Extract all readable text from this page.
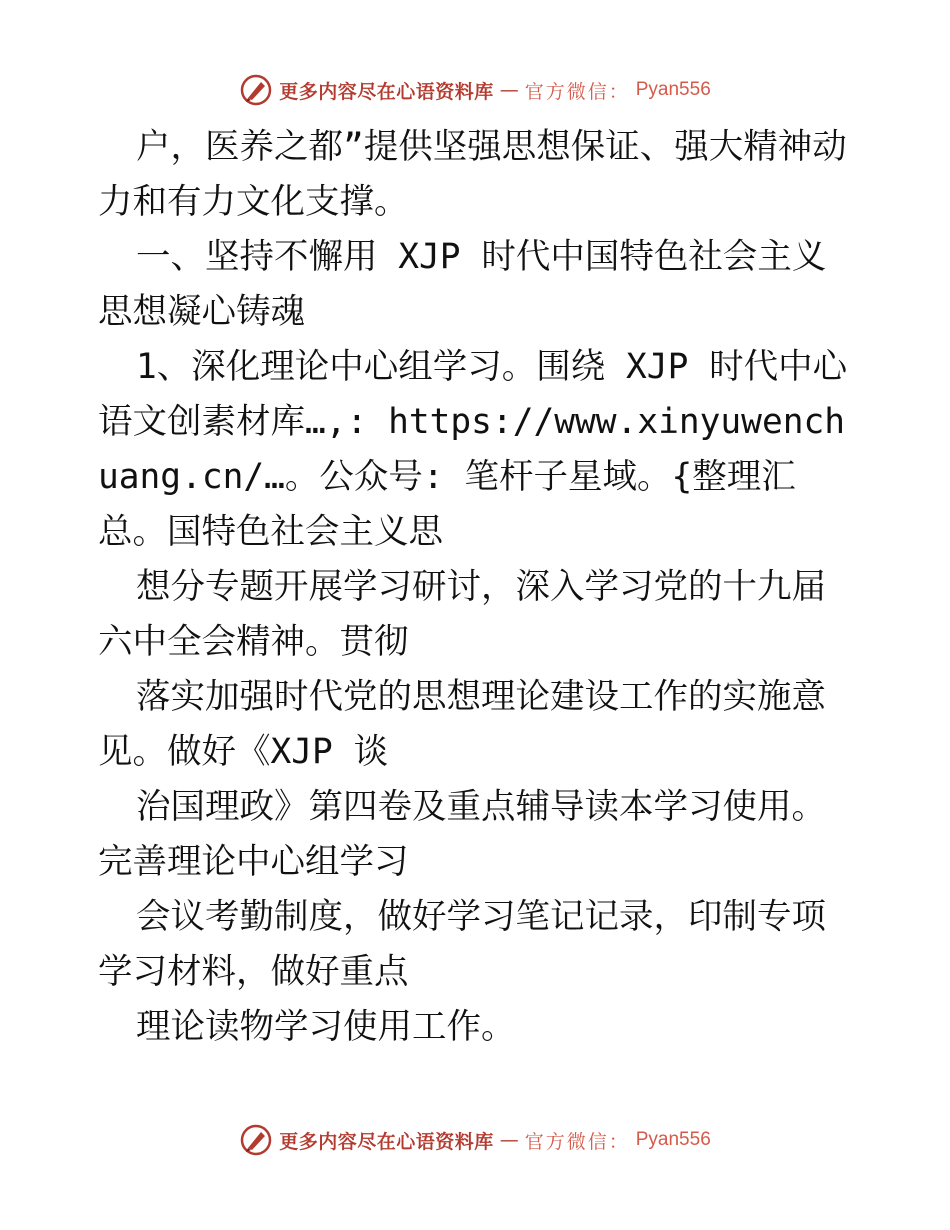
更多内容尽在心语资料库 — 官方微信： Pyan556

户，医养之都”提供坚强思想保证、强大精神动力和有力文化支撑。

一、坚持不懈用 XJP 时代中国特色社会主义思想凝心铸魂

1、深化理论中心组学习。围绕 XJP 时代中心语文创素材库…,: https://www.xinyuwenchuang.cn/…。公众号: 笔杆子星域。{整理汇总。国特色社会主义思

想分专题开展学习研讨，深入学习党的十九届六中全会精神。贯彻

落实加强时代党的思想理论建设工作的实施意见。做好《XJP 谈

治国理政》第四卷及重点辅导读本学习使用。完善理论中心组学习

会议考勤制度，做好学习笔记记录，印制专项学习材料，做好重点

理论读物学习使用工作。

更多内容尽在心语资料库 — 官方微信： Pyan556
